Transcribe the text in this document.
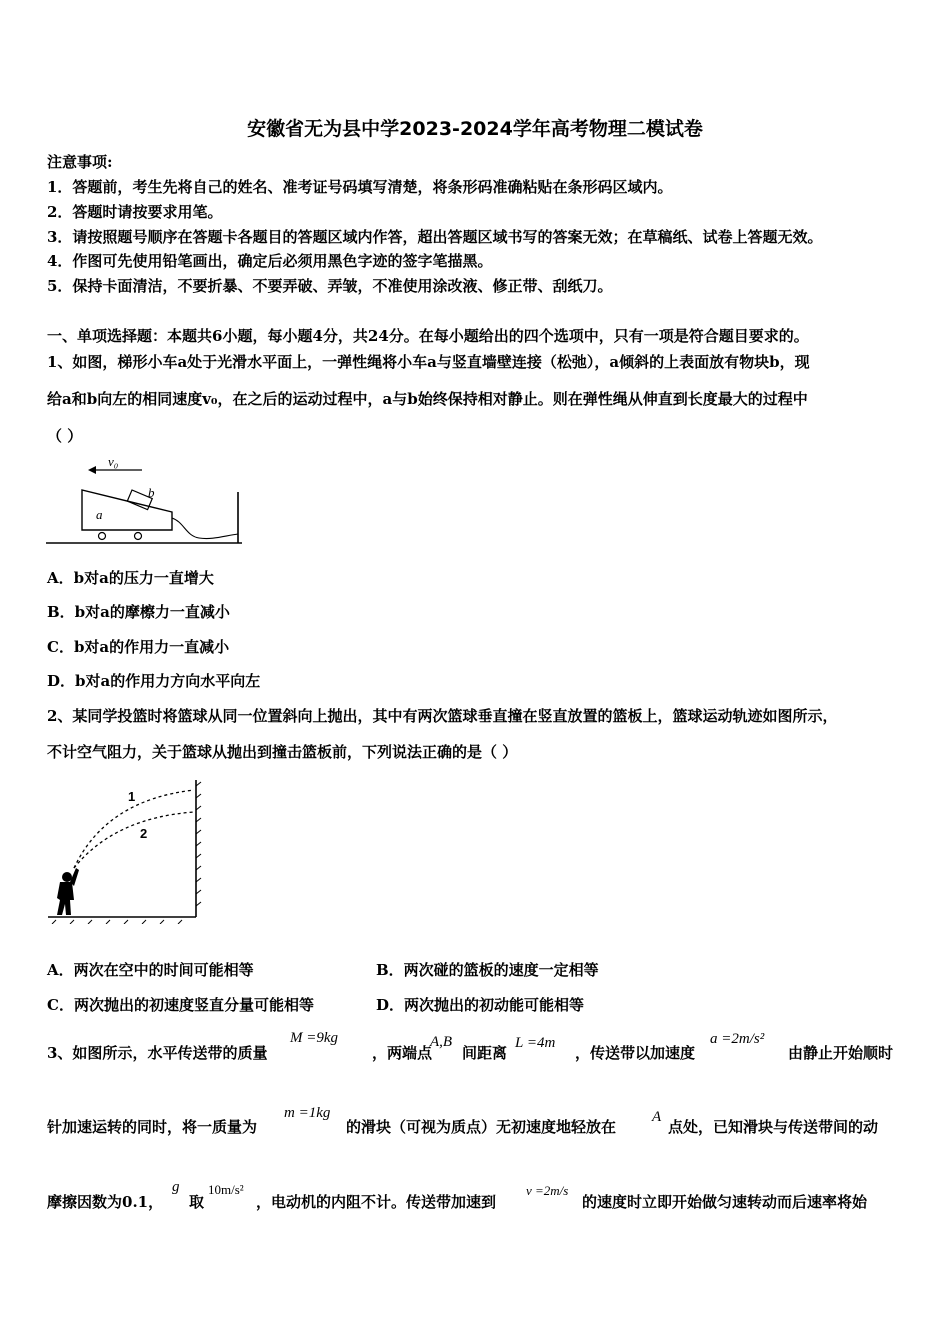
安徽省无为县中学2023-2024学年高考物理二模试卷
注意事项:
1．答题前，考生先将自己的姓名、准考证号码填写清楚，将条形码准确粘贴在条形码区域内。
2．答题时请按要求用笔。
3．请按照题号顺序在答题卡各题目的答题区域内作答，超出答题区域书写的答案无效；在草稿纸、试卷上答题无效。
4．作图可先使用铅笔画出，确定后必须用黑色字迹的签字笔描黑。
5．保持卡面清洁，不要折暴、不要弄破、弄皱，不准使用涂改液、修正带、刮纸刀。
一、单项选择题：本题共6小题，每小题4分，共24分。在每小题给出的四个选项中，只有一项是符合题目要求的。
1、如图，梯形小车a处于光滑水平面上，一弹性绳将小车a与竖直墙壁连接（松弛），a倾斜的上表面放有物块b，现
给a和b向左的相同速度v₀，在之后的运动过程中，a与b始终保持相对静止。则在弹性绳从伸直到长度最大的过程中
（ ）
v₀
b
a
A．b对a的压力一直增大
B．b对a的摩檫力一直减小
C．b对a的作用力一直减小
D．b对a的作用力方向水平向左
2、某同学投篮时将篮球从同一位置斜向上抛出，其中有两次篮球垂直撞在竖直放置的篮板上，篮球运动轨迹如图所示，
不计空气阻力，关于篮球从抛出到撞击篮板前，下列说法正确的是（ ）
1
2
A．两次在空中的时间可能相等	B．两次碰的篮板的速度一定相等
C．两次抛出的初速度竖直分量可能相等	D．两次抛出的初动能可能相等
3、如图所示，水平传送带的质量
M =9kg
，两端点
A,B
间距离
L =4m
，传送带以加速度
a =2m/s²
由静止开始顺时
针加速运转的同时，将一质量为
m =1kg
的滑块（可视为质点）无初速度地轻放在
A
点处，已知滑块与传送带间的动
摩擦因数为0.1，
g
取
10m/s²
，电动机的内阻不计。传送带加速到
v =2m/s
的速度时立即开始做匀速转动而后速率将始
